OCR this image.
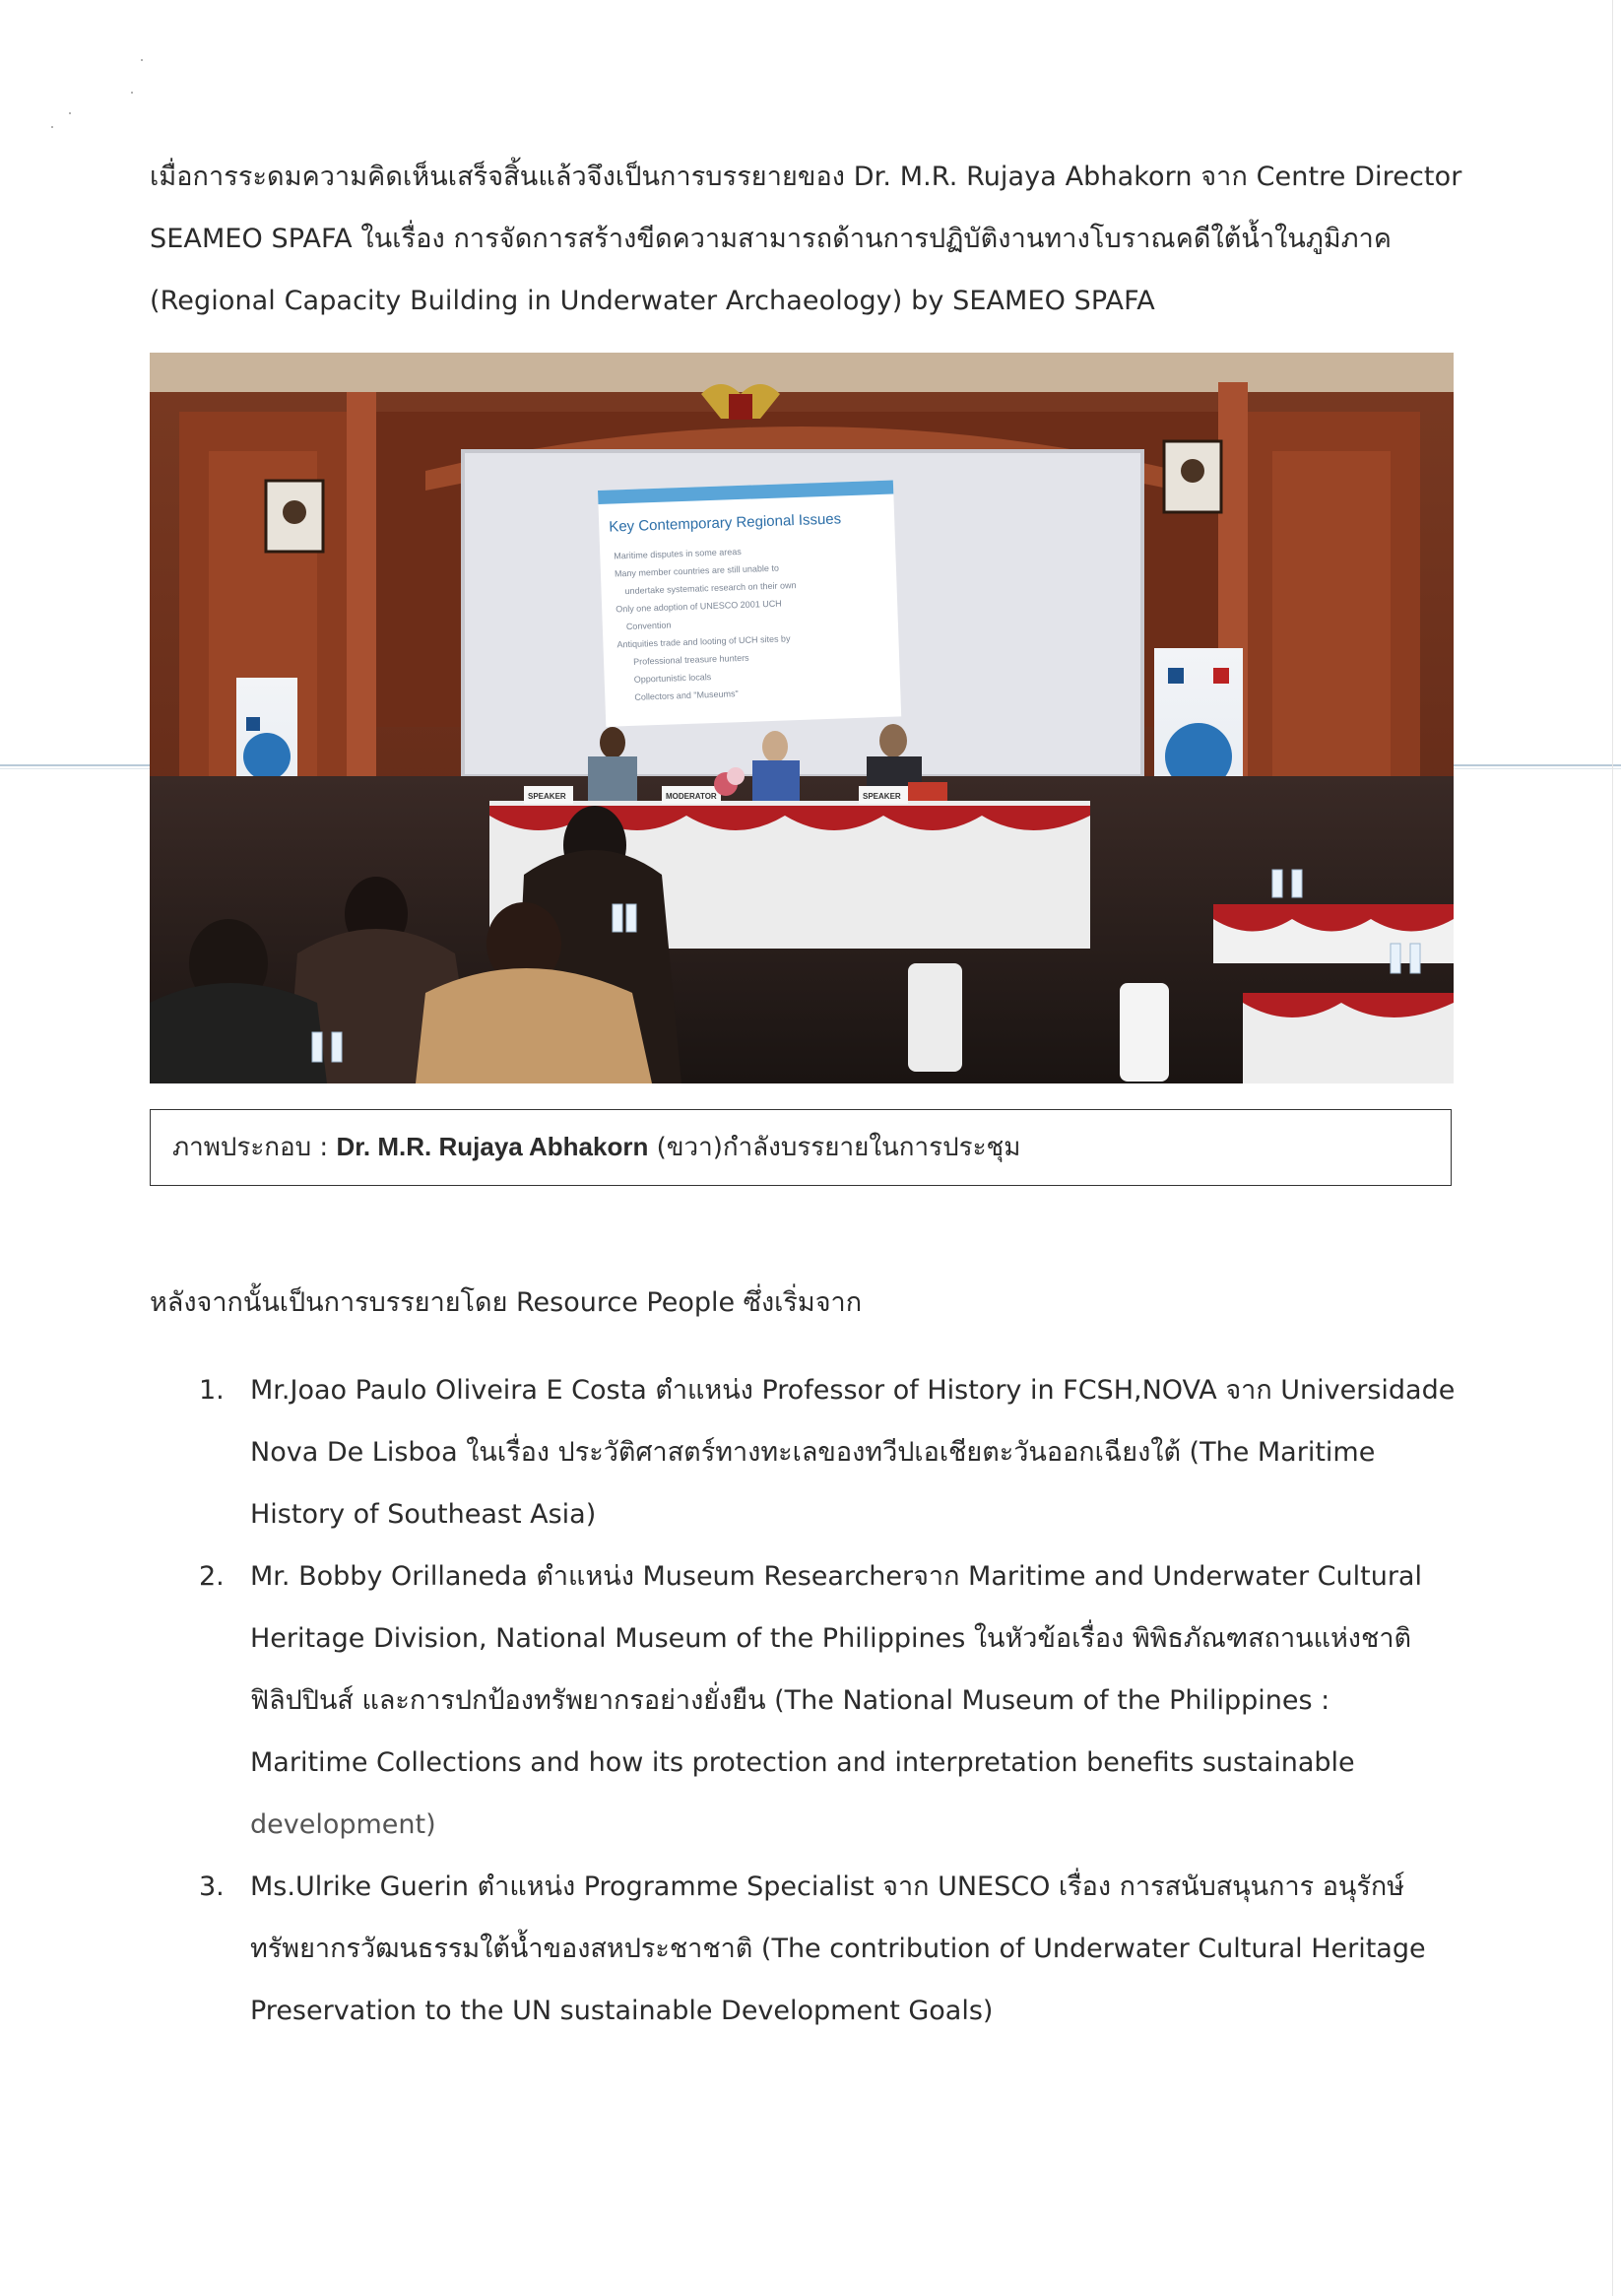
เมื่อการระดมความคิดเห็นเสร็จสิ้นแล้วจึงเป็นการบรรยายของ Dr. M.R. Rujaya Abhakorn จาก Centre Director

SEAMEO SPAFA ในเรื่อง การจัดการสร้างขีดความสามารถด้านการปฏิบัติงานทางโบราณคดีใต้น้ำในภูมิภาค

(Regional Capacity Building in Underwater Archaeology) by SEAMEO SPAFA

Key Contemporary Regional Issues
Maritime disputes in some areas
Many member countries are still unable to
undertake systematic research on their own
Only one adoption of UNESCO 2001 UCH
Convention
Antiquities trade and looting of UCH sites by
Professional treasure hunters
Opportunistic locals
Collectors and "Museums"
SPEAKER	MODERATOR	SPEAKER
ภาพประกอบ : Dr. M.R. Rujaya Abhakorn (ขวา)กำลังบรรยายในการประชุม
หลังจากนั้นเป็นการบรรยายโดย Resource People ซึ่งเริ่มจาก
1. Mr.Joao Paulo Oliveira E Costa ตำแหน่ง Professor of History in FCSH,NOVA จาก Universidade
Nova De Lisboa ในเรื่อง ประวัติศาสตร์ทางทะเลของทวีปเอเชียตะวันออกเฉียงใต้ (The Maritime
History of Southeast Asia)
2. Mr. Bobby Orillaneda ตำแหน่ง Museum Researcherจาก Maritime and Underwater Cultural
Heritage Division, National Museum of the Philippines ในหัวข้อเรื่อง พิพิธภัณฑสถานแห่งชาติ
ฟิลิปปินส์ และการปกป้องทรัพยากรอย่างยั่งยืน (The National Museum of the Philippines :
Maritime Collections and how its protection and interpretation benefits sustainable
development)
3. Ms.Ulrike Guerin ตำแหน่ง Programme Specialist จาก UNESCO เรื่อง การสนับสนุนการ อนุรักษ์
ทรัพยากรวัฒนธรรมใต้น้ำของสหประชาชาติ (The contribution of Underwater Cultural Heritage
Preservation to the UN sustainable Development Goals)
